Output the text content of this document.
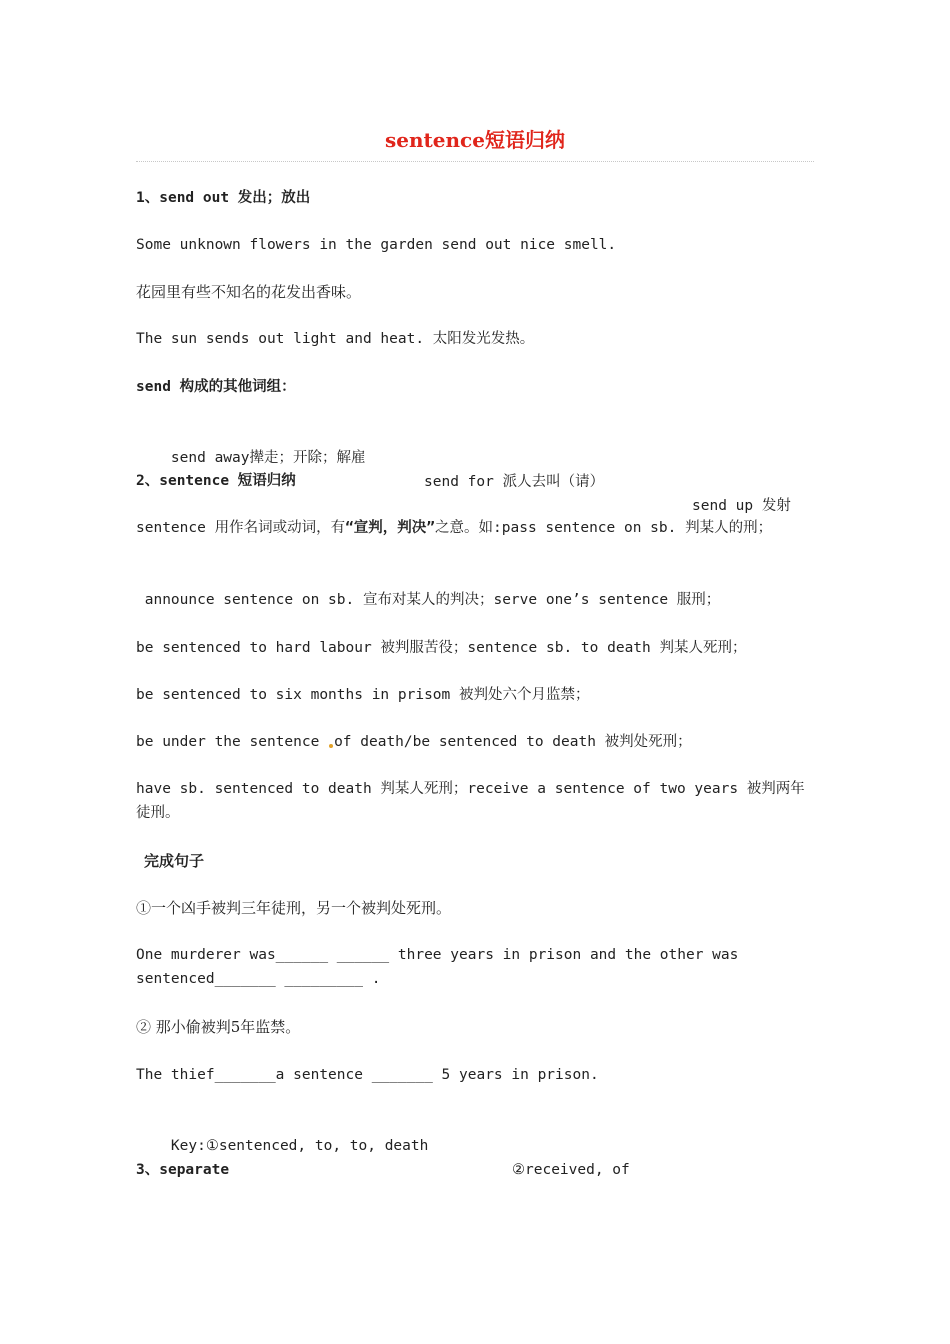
sentence短语归纳
1、send out 发出；放出
Some unknown flowers in the garden send out nice smell.
花园里有些不知名的花发出香味。
The sun sends out light and heat. 太阳发光发热。
send 构成的其他词组：

send away撵走；开除；解雇

send for 派人去叫（请）

send up 发射

2、sentence 短语归纳
sentence 用作名词或动词，有“宣判，判决”之意。如:pass sentence on sb. 判某人的刑；
announce sentence on sb. 宣布对某人的判决；serve one’s sentence 服刑；
be sentenced to hard labour 被判服苦役；sentence sb. to death 判某人死刑；
be sentenced to six months in prisom 被判处六个月监禁；
be under the sentence of death/be sentenced to death 被判处死刑；
have sb. sentenced to death 判某人死刑；receive a sentence of two years 被判两年徒刑。
完成句子
①一个凶手被判三年徒刑，另一个被判处死刑。
One murderer was______ ______ three years in prison and the other was sentenced_______ _________ .
② 那小偷被判5年监禁。
The thief_______a sentence _______ 5 years in prison.

Key:①sentenced, to, to, death

②received, of

3、separate
